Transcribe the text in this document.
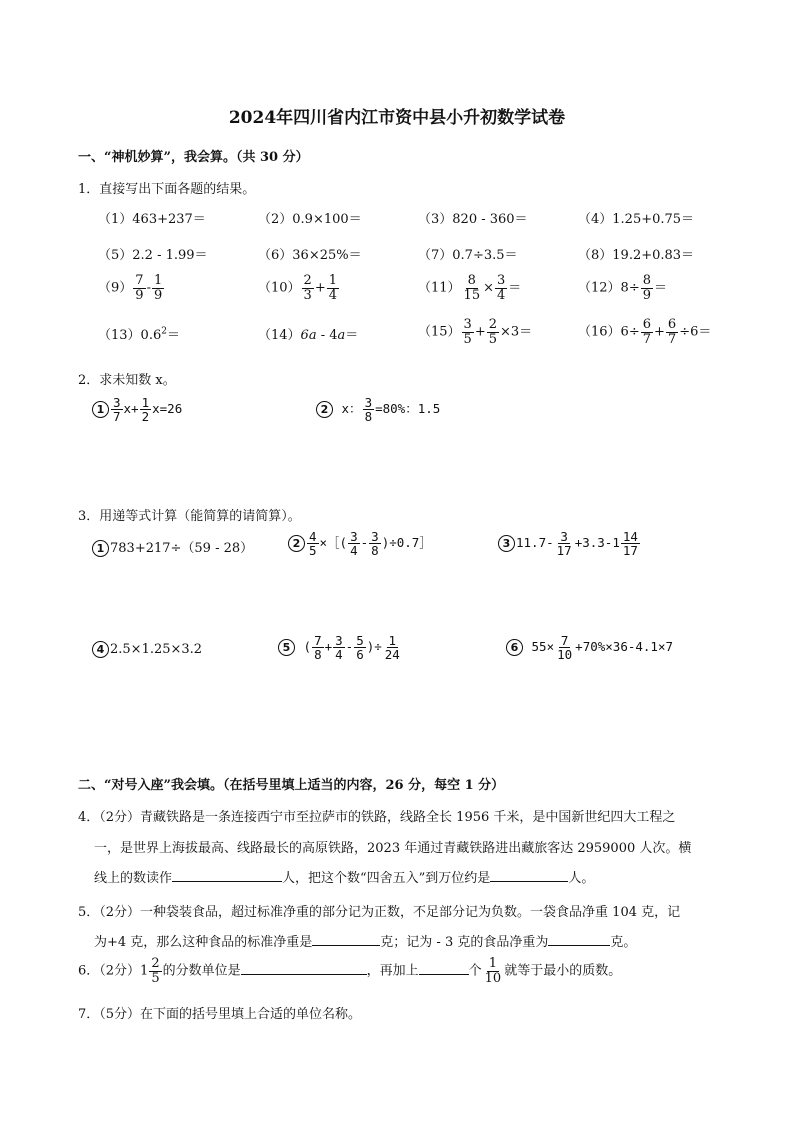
2024年四川省内江市资中县小升初数学试卷
一、“神机妙算”，我会算。（共 30 分）
1．直接写出下面各题的结果。
（1）463+237＝	（2）0.9×100＝	（3）820 - 360＝	（4）1.25+0.75＝
（5）2.2 - 1.99＝	（6）36×25%＝	（7）0.7÷3.5＝	（8）19.2+0.83＝
$(9) \frac{7}{9} - \frac{1}{9}$	$(10) \frac{2}{3} + \frac{1}{4}$	$(11) \frac{8}{15} \times \frac{3}{4}$ ＝	$(12)8\div \frac{8}{9}$ ＝
$(13)0.6^2=$	（14）6a - 4a＝	$(15) \frac{3}{5} + \frac{2}{5} \times 3=$	$(16)6\div \frac{6}{7} + \frac{6}{7} \div 6=$
2．求未知数 x。
$1 \frac{3}{7} x+ \frac{1}{2} x=26$	2 x： $\frac{3}{8} =80\%$：1.5
3．用递等式计算（能简算的请简算）。
1 783+217÷（59 - 28）	$2 \frac{4}{5}$ ×［( $\frac{3}{4} - \frac{3}{8}$ )÷0.7］	3 $11.7- \frac{3}{17} +3.3-1 \frac{14}{17}$
4 2.5×1.25×3.2	5 ( $\frac{7}{8} + \frac{3}{4} - \frac{5}{6}$ )÷ $\frac{1}{24}$	6 $55\times \frac{7}{10} +70\%\times 36-4.1\times 7$
二、“对号入座”我会填。（在括号里填上适当的内容，26 分，每空 1 分）
4．（2分）青藏铁路是一条连接西宁市至拉萨市的铁路，线路全长 1956 千米，是中国新世纪四大工程之
一，是世界上海拔最高、线路最长的高原铁路，2023 年通过青藏铁路进出藏旅客达 2959000 人次。横
线上的数读作	人，把这个数“四舍五入”到万位约是	人。
5．（2分）一种袋装食品，超过标准净重的部分记为正数，不足部分记为负数。一袋食品净重 104 克，记
为+4 克，那么这种食品的标准净重是	克；记为 - 3 克的食品净重为	克。
6．（2分）$1 \frac{2}{5}$ 的分数单位是	，再加上	个 $\frac{1}{10}$ 就等于最小的质数。
7．（5分）在下面的括号里填上合适的单位名称。
